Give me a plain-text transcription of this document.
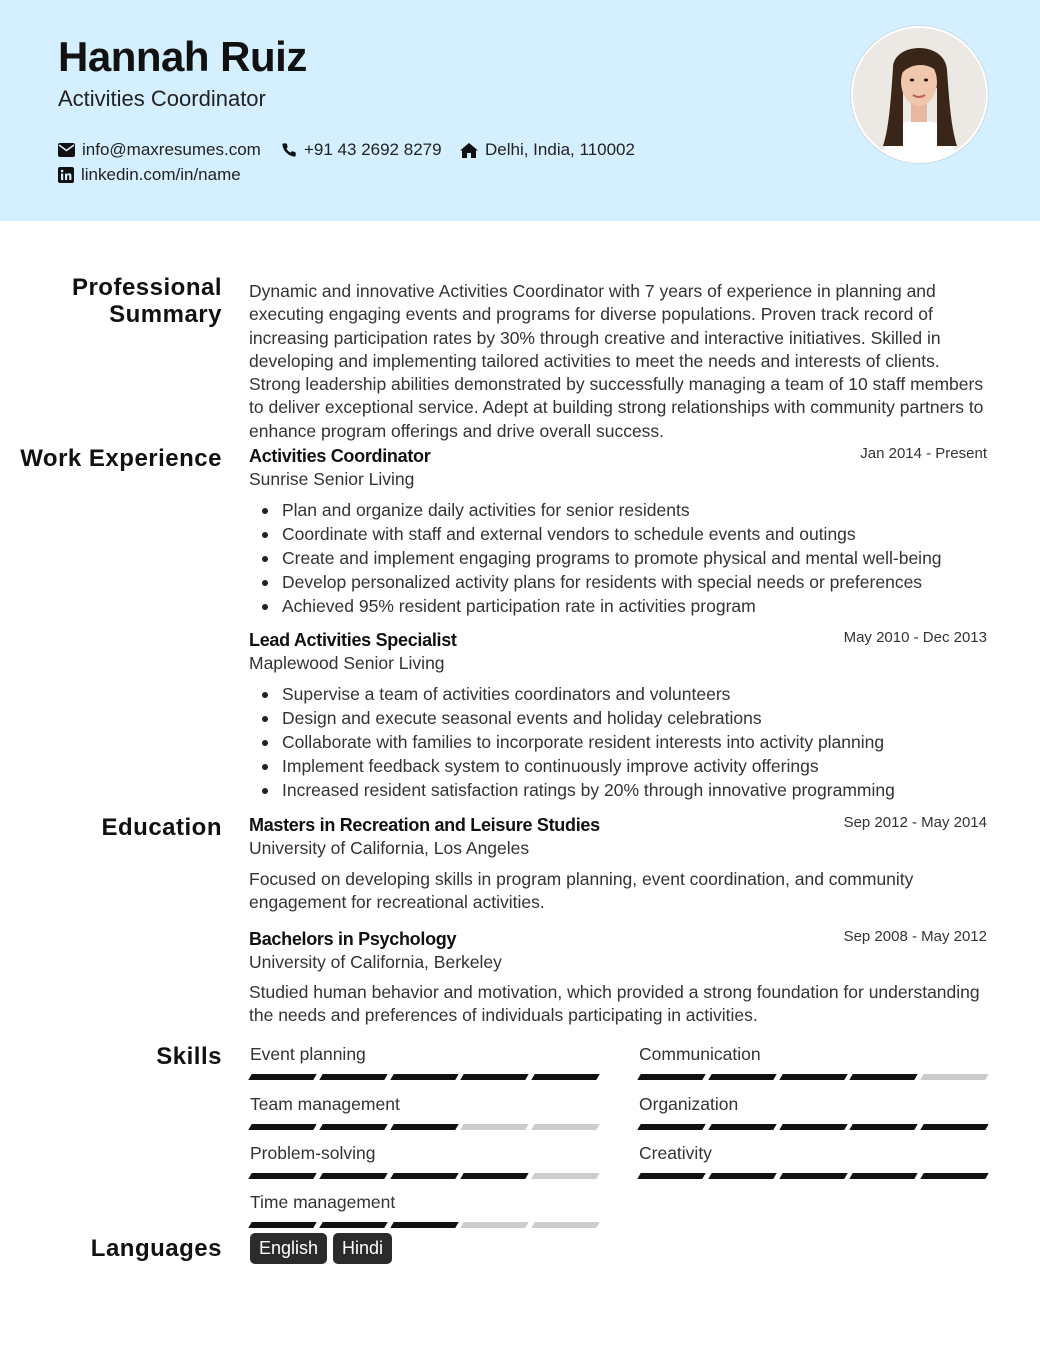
Hannah Ruiz
Activities Coordinator
info@maxresumes.com	+91 43 2692 8279	Delhi, India, 110002
linkedin.com/in/name
Professional Summary
Dynamic and innovative Activities Coordinator with 7 years of experience in planning and executing engaging events and programs for diverse populations. Proven track record of increasing participation rates by 30% through creative and interactive initiatives. Skilled in developing and implementing tailored activities to meet the needs and interests of clients. Strong leadership abilities demonstrated by successfully managing a team of 10 staff members to deliver exceptional service. Adept at building strong relationships with community partners to enhance program offerings and drive overall success.
Work Experience Activities Coordinator	Jan 2014 - Present
Sunrise Senior Living
Plan and organize daily activities for senior residents
Coordinate with staff and external vendors to schedule events and outings
Create and implement engaging programs to promote physical and mental well-being
Develop personalized activity plans for residents with special needs or preferences
Achieved 95% resident participation rate in activities program
Lead Activities Specialist	May 2010 - Dec 2013
Maplewood Senior Living
Supervise a team of activities coordinators and volunteers
Design and execute seasonal events and holiday celebrations
Collaborate with families to incorporate resident interests into activity planning
Implement feedback system to continuously improve activity offerings
Increased resident satisfaction ratings by 20% through innovative programming
Education Masters in Recreation and Leisure Studies	Sep 2012 - May 2014
University of California, Los Angeles
Focused on developing skills in program planning, event coordination, and community engagement for recreational activities.
Bachelors in Psychology	Sep 2008 - May 2012
University of California, Berkeley
Studied human behavior and motivation, which provided a strong foundation for understanding the needs and preferences of individuals participating in activities.
Skills Event planning	Communication
Team management	Organization
Problem-solving	Creativity
Time management
Languages	English	Hindi
